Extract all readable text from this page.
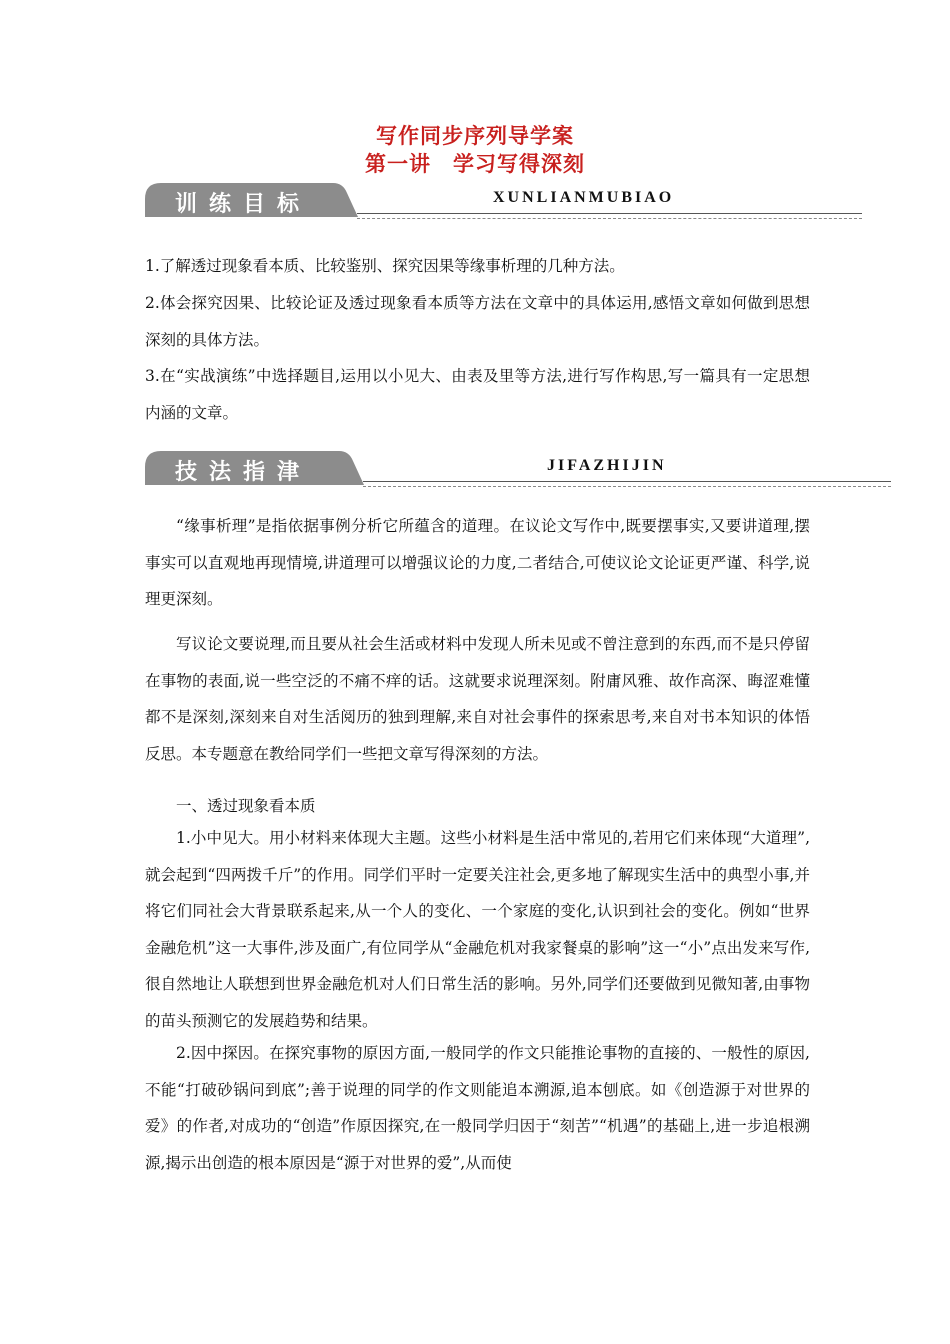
写作同步序列导学案
第一讲 学习写得深刻
训练目标	XUNLIANMUBIAO
1.了解透过现象看本质、比较鉴别、探究因果等缘事析理的几种方法。
2.体会探究因果、比较论证及透过现象看本质等方法在文章中的具体运用,感悟文章如何做到思想深刻的具体方法。
3.在“实战演练”中选择题目,运用以小见大、由表及里等方法,进行写作构思,写一篇具有一定思想内涵的文章。
技法指津	JIFAZHIJIN
“缘事析理”是指依据事例分析它所蕴含的道理。在议论文写作中,既要摆事实,又要讲道理,摆事实可以直观地再现情境,讲道理可以增强议论的力度,二者结合,可使议论文论证更严谨、科学,说理更深刻。
写议论文要说理,而且要从社会生活或材料中发现人所未见或不曾注意到的东西,而不是只停留在事物的表面,说一些空泛的不痛不痒的话。这就要求说理深刻。附庸风雅、故作高深、晦涩难懂都不是深刻,深刻来自对生活阅历的独到理解,来自对社会事件的探索思考,来自对书本知识的体悟反思。本专题意在教给同学们一些把文章写得深刻的方法。
一、透过现象看本质
1.小中见大。用小材料来体现大主题。这些小材料是生活中常见的,若用它们来体现“大道理”,就会起到“四两拨千斤”的作用。同学们平时一定要关注社会,更多地了解现实生活中的典型小事,并将它们同社会大背景联系起来,从一个人的变化、一个家庭的变化,认识到社会的变化。例如“世界金融危机”这一大事件,涉及面广,有位同学从“金融危机对我家餐桌的影响”这一“小”点出发来写作,很自然地让人联想到世界金融危机对人们日常生活的影响。另外,同学们还要做到见微知著,由事物的苗头预测它的发展趋势和结果。
2.因中探因。在探究事物的原因方面,一般同学的作文只能推论事物的直接的、一般性的原因,不能“打破砂锅问到底”;善于说理的同学的作文则能追本溯源,追本刨底。如《创造源于对世界的爱》的作者,对成功的“创造”作原因探究,在一般同学归因于“刻苦”“机遇”的基础上,进一步追根溯源,揭示出创造的根本原因是“源于对世界的爱”,从而使
